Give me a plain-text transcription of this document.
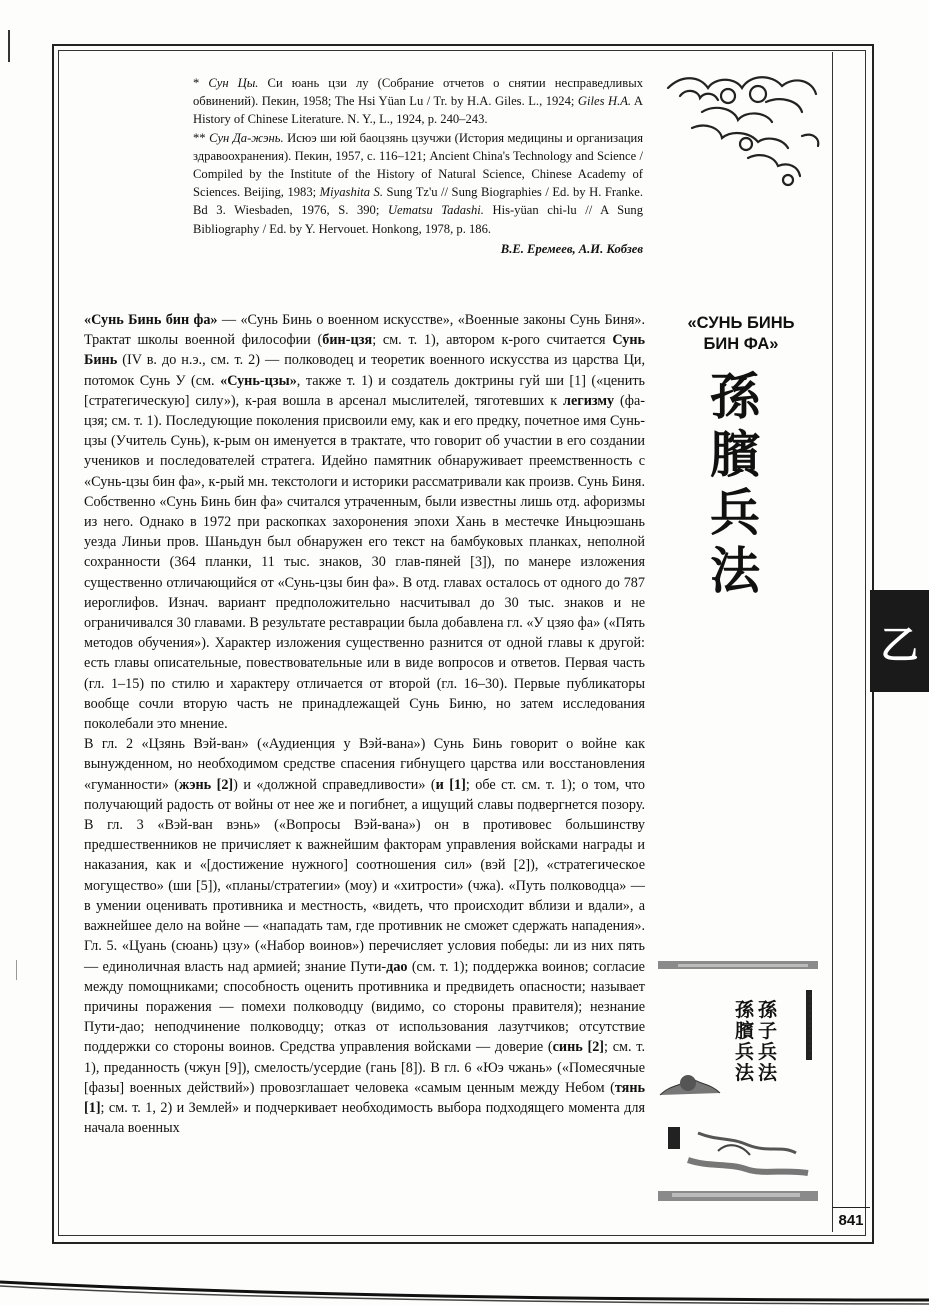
* Сун Цы. Си юань цзи лу (Собрание отчетов о снятии несправедливых обвинений). Пекин, 1958; The Hsi Yüan Lu / Tr. by H.A. Giles. L., 1924; Giles H.A. A History of Chinese Literature. N. Y., L., 1924, p. 240–243.

** Сун Да-жэнь. Исюэ ши юй баоцзянь цзучжи (История медицины и организация здравоохранения). Пекин, 1957, с. 116–121; Ancient China's Technology and Science / Compiled by the Institute of the History of Natural Science, Chinese Academy of Sciences. Beijing, 1983; Miyashita S. Sung Tz'u // Sung Biographies / Ed. by H. Franke. Bd 3. Wiesbaden, 1976, S. 390; Uematsu Tadashi. His-yüan chi-lu // A Sung Bibliography / Ed. by Y. Hervouet. Honkong, 1978, p. 186.

В.Е. Еремеев, А.И. Кобзев

«Сунь Бинь бин фа» — «Сунь Бинь о военном искусстве», «Военные законы Сунь Биня». Трактат школы военной философии (бин-цзя; см. т. 1), автором к-рого считается Сунь Бинь (IV в. до н.э., см. т. 2) — полководец и теоретик военного искусства из царства Ци, потомок Сунь У (см. «Сунь-цзы», также т. 1) и создатель доктрины гуй ши [1] («ценить [стратегическую] силу»), к-рая вошла в арсенал мыслителей, тяготевших к легизму (фа-цзя; см. т. 1). Последующие поколения присвоили ему, как и его предку, почетное имя Сунь-цзы (Учитель Сунь), к-рым он именуется в трактате, что говорит об участии в его создании учеников и последователей стратега. Идейно памятник обнаруживает преемственность с «Сунь-цзы бин фа», к-рый мн. текстологи и историки рассматривали как произв. Сунь Биня. Собственно «Сунь Бинь бин фа» считался утраченным, были известны лишь отд. афоризмы из него. Однако в 1972 при раскопках захоронения эпохи Хань в местечке Иньцюэшань уезда Линьи пров. Шаньдун был обнаружен его текст на бамбуковых планках, неполной сохранности (364 планки, 11 тыс. знаков, 30 глав-пяней [3]), по манере изложения существенно отличающийся от «Сунь-цзы бин фа». В отд. главах осталось от одного до 787 иероглифов. Изнач. вариант предположительно насчитывал до 30 тыс. знаков и не ограничивался 30 главами. В результате реставрации была добавлена гл. «У цзяо фа» («Пять методов обучения»). Характер изложения существенно разнится от одной главы к другой: есть главы описательные, повествовательные или в виде вопросов и ответов. Первая часть (гл. 1–15) по стилю и характеру отличается от второй (гл. 16–30). Первые публикаторы вообще сочли вторую часть не принадлежащей Сунь Биню, но затем исследования поколебали это мнение.

В гл. 2 «Цзянь Вэй-ван» («Аудиенция у Вэй-вана») Сунь Бинь говорит о войне как вынужденном, но необходимом средстве спасения гибнущего царства или восстановления «гуманности» (жэнь [2]) и «должной справедливости» (и [1]; обе ст. см. т. 1); о том, что получающий радость от войны от нее же и погибнет, а ищущий славы подвергнется позору. В гл. 3 «Вэй-ван вэнь» («Вопросы Вэй-вана») он в противовес большинству предшественников не причисляет к важнейшим факторам управления войсками награды и наказания, как и «[достижение нужного] соотношения сил» (вэй [2]), «стратегическое могущество» (ши [5]), «планы/стратегии» (моу) и «хитрости» (чжа). «Путь полководца» — в умении оценивать противника и местность, «видеть, что происходит вблизи и вдали», а важнейшее дело на войне — «нападать там, где противник не сможет сдержать нападения». Гл. 5. «Цуань (сюань) цзу» («Набор воинов») перечисляет условия победы: ли из них пять — единоличная власть над армией; знание Пути-дао (см. т. 1); поддержка воинов; согласие между помощниками; способность оценить противника и предвидеть опасности; называет причины поражения — помехи полководцу (видимо, со стороны правителя); незнание Пути-дао; неподчинение полководцу; отказ от использования лазутчиков; отсутствие поддержки со стороны воинов. Средства управления войсками — доверие (синь [2]; см. т. 1), преданность (чжун [9]), смелость/усердие (гань [8]). В гл. 6 «Юэ чжань» («Помесячные [фазы] военных действий») провозглашает человека «самым ценным между Небом (тянь [1]; см. т. 1, 2) и Землей» и подчеркивает необходимость выбора подходящего момента для начала военных

«СУНЬ БИНЬ
БИН ФА»
孫
臏
兵
法
乙
孫
臏
兵
法
孫
子
兵
法
841
